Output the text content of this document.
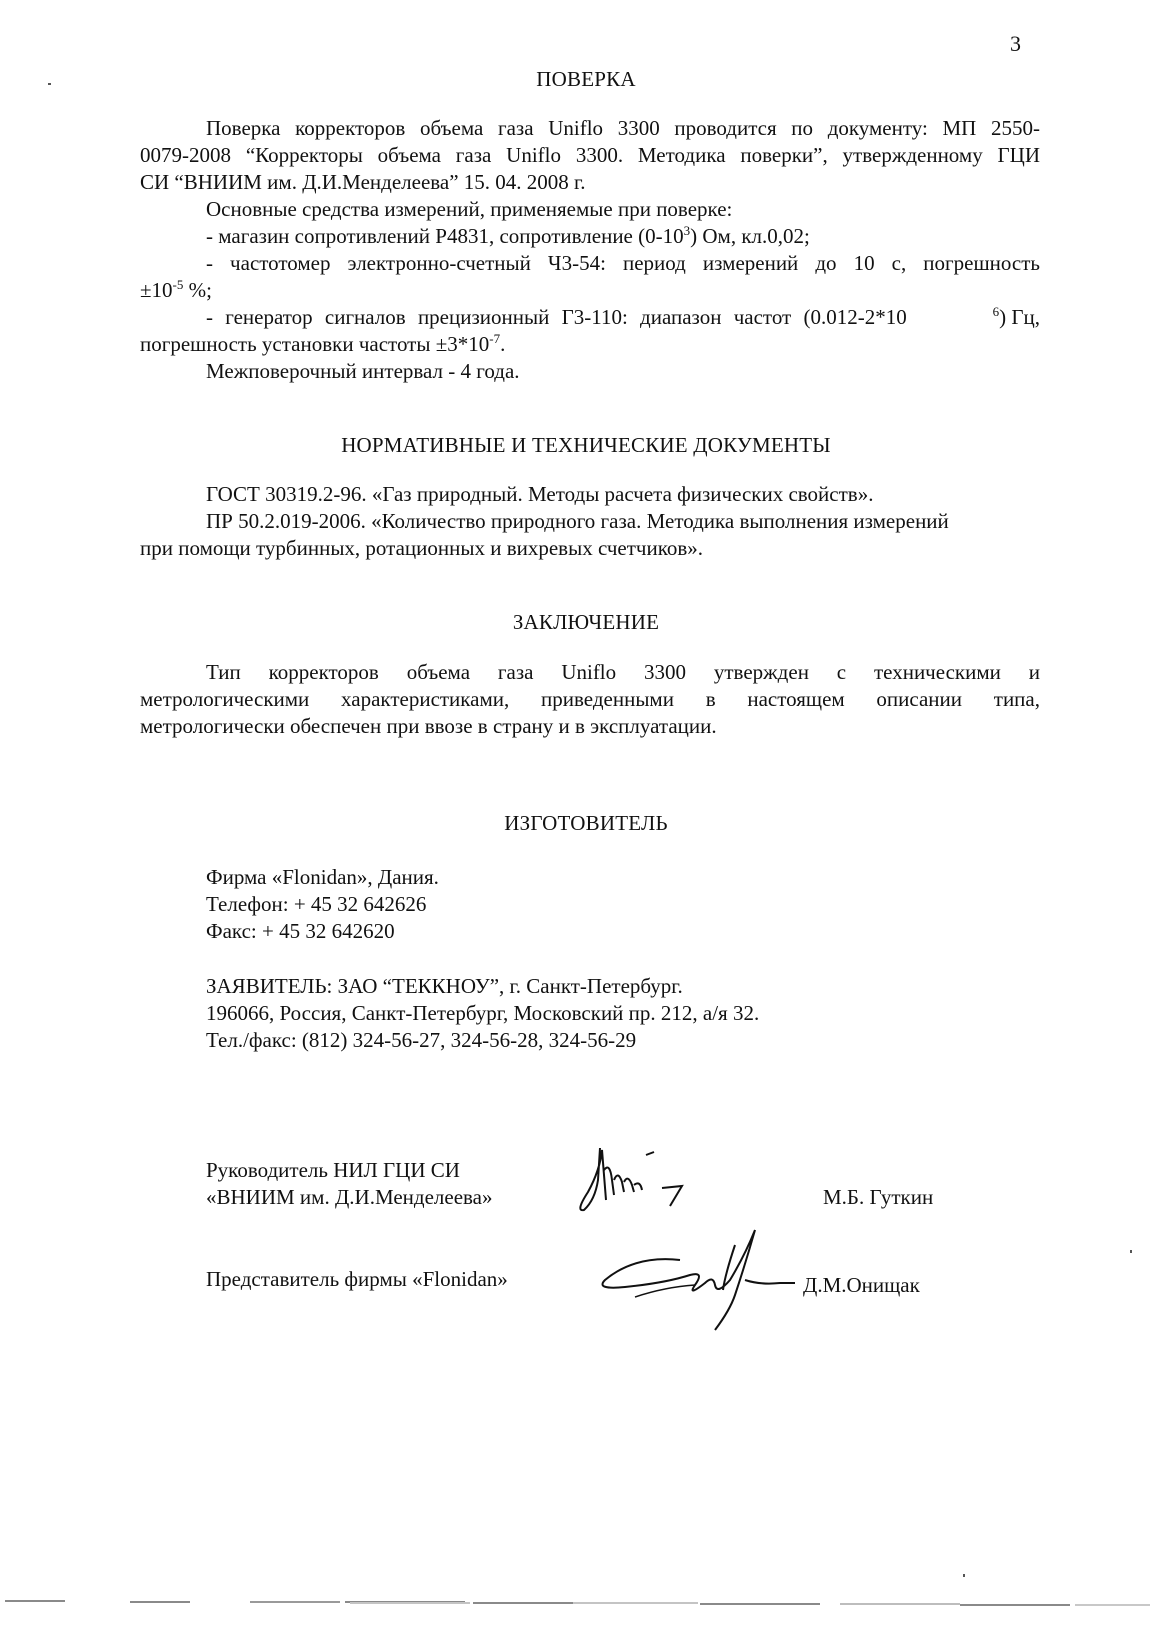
3
ПОВЕРКА
Поверка корректоров объема газа Uniflo 3300 проводится по документу: МП 2550-
0079-2008 “Корректоры объема газа Uniflo 3300. Методика поверки”, утвержденному ГЦИ
СИ “ВНИИМ им. Д.И.Менделеева” 15. 04. 2008 г.
Основные средства измерений, применяемые при поверке:
- магазин сопротивлений Р4831, сопротивление $(0-10^3)$ Ом, кл.0,02;
- частотомер электронно-счетный Ч3-54: период измерений до 10 с, погрешность
$\pm 10^{-5}$ %;
- генератор сигналов прецизионный Г3-110: диапазон частот (0.012-2*10	$^6$) Гц,
погрешность установки частоты $\pm 3*10^{-7}$.
Межповерочный интервал - 4 года.
НОРМАТИВНЫЕ И ТЕХНИЧЕСКИЕ ДОКУМЕНТЫ
ГОСТ 30319.2-96. «Газ природный. Методы расчета физических свойств».
ПР 50.2.019-2006. «Количество природного газа. Методика выполнения измерений
при помощи турбинных, ротационных и вихревых счетчиков».
ЗАКЛЮЧЕНИЕ
Тип корректоров объема газа Uniflo 3300 утвержден с техническими и
метрологическими характеристиками, приведенными в настоящем описании типа,
метрологически обеспечен при ввозе в страну и в эксплуатации.
ИЗГОТОВИТЕЛЬ
Фирма «Flonidan», Дания.
Телефон: + 45 32 642626
Факс: + 45 32 642620
ЗАЯВИТЕЛЬ: ЗАО “ТЕККНОУ”, г. Санкт-Петербург.
196066, Россия, Санкт-Петербург, Московский пр. 212, а/я 32.
Тел./факс: (812) 324-56-27, 324-56-28, 324-56-29
Руководитель НИЛ ГЦИ СИ
«ВНИИМ им. Д.И.Менделеева»	М.Б. Гуткин
Представитель фирмы «Flonidan»	Д.М.Онищак
